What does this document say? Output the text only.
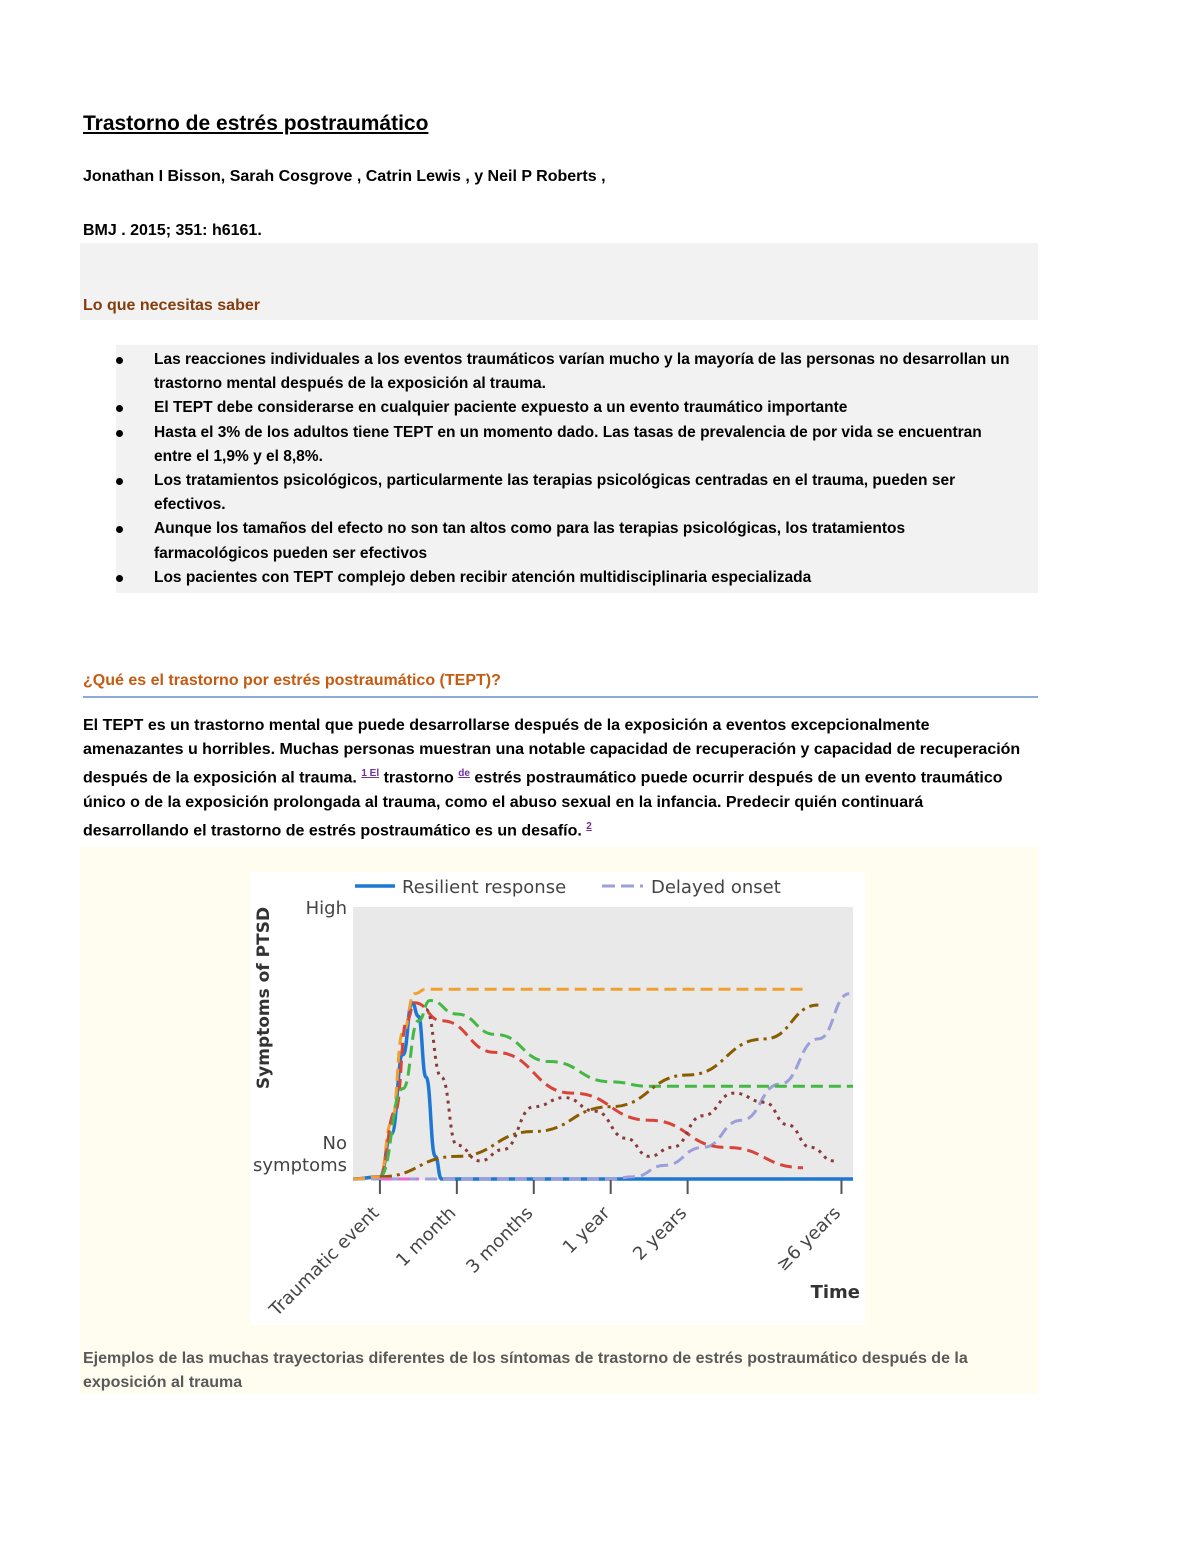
Trastorno de estrés postraumático
Jonathan I Bisson, Sarah Cosgrove , Catrin Lewis , y Neil P Roberts ,
BMJ . 2015; 351: h6161.
Lo que necesitas saber
Las reacciones individuales a los eventos traumáticos varían mucho y la mayoría de las personas no desarrollan un trastorno mental después de la exposición al trauma.
El TEPT debe considerarse en cualquier paciente expuesto a un evento traumático importante
Hasta el 3% de los adultos tiene TEPT en un momento dado. Las tasas de prevalencia de por vida se encuentran entre el 1,9% y el 8,8%.
Los tratamientos psicológicos, particularmente las terapias psicológicas centradas en el trauma, pueden ser efectivos.
Aunque los tamaños del efecto no son tan altos como para las terapias psicológicas, los tratamientos farmacológicos pueden ser efectivos
Los pacientes con TEPT complejo deben recibir atención multidisciplinaria especializada
¿Qué es el trastorno por estrés postraumático (TEPT)?

El TEPT es un trastorno mental que puede desarrollarse después de la exposición a eventos excepcionalmente amenazantes u horribles. Muchas personas muestran una notable capacidad de recuperación y capacidad de recuperación después de la exposición al trauma. $^{1 El}$ trastorno $^{de}$ estrés postraumático puede ocurrir después de un evento traumático único o de la exposición prolongada al trauma, como el abuso sexual en la infancia. Predecir quién continuará desarrollando el trastorno de estrés postraumático es un desafío. $^2$

Resilient response	Delayed onset
High
No symptoms
Symptoms of PTSD
Time
Traumatic event 1 month 3 months 1 year 2 years	≥6 years

Ejemplos de las muchas trayectorias diferentes de los síntomas de trastorno de estrés postraumático después de la exposición al trauma
